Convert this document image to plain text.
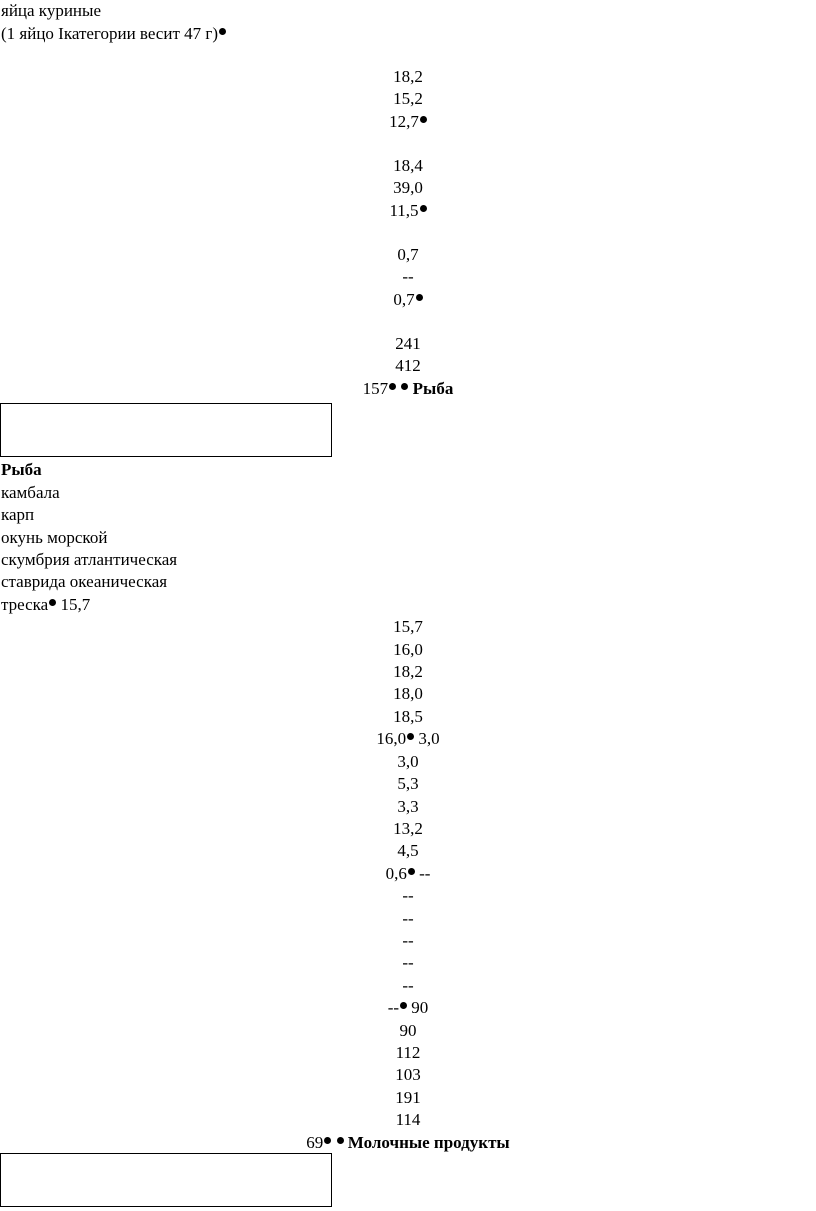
яйца куриные
(1 яйцо Iкатегории весит 47 г)
18,2
15,2
12,7
18,4
39,0
11,5
0,7
--
0,7
241
412
157 Рыба
Рыба
камбала
карп
окунь морской
скумбрия атлантическая
ставрида океаническая
треска 15,7
15,7
16,0
18,2
18,0
18,5
16,0 3,0
3,0
5,3
3,3
13,2
4,5
0,6 --
--
--
--
--
--
-- 90
90
112
103
191
114
69 Молочные продукты
